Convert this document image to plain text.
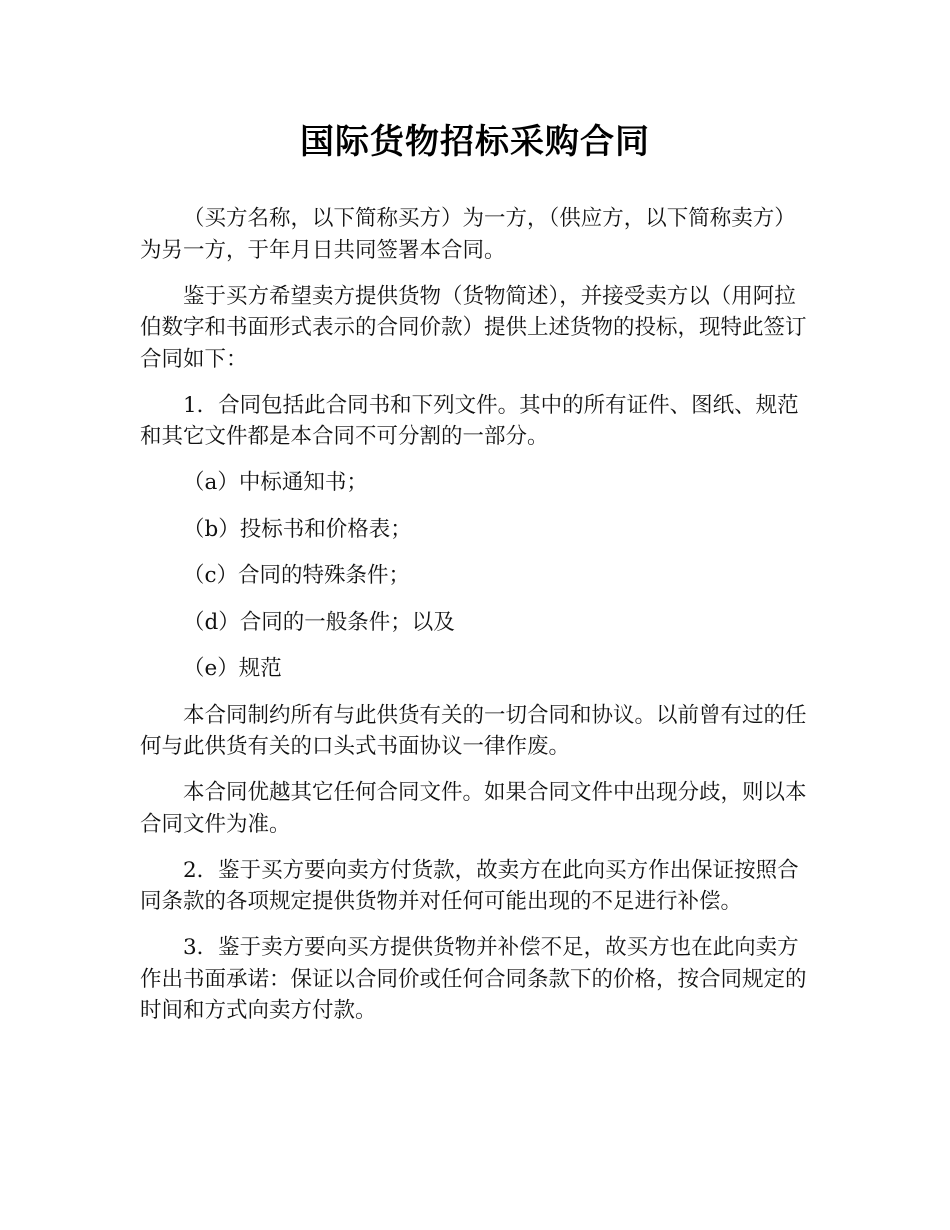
国际货物招标采购合同

（买方名称，以下简称买方）为一方，（供应方，以下简称卖方）为另一方，于年月日共同签署本合同。

鉴于买方希望卖方提供货物（货物简述），并接受卖方以（用阿拉伯数字和书面形式表示的合同价款）提供上述货物的投标，现特此签订合同如下：

1．合同包括此合同书和下列文件。其中的所有证件、图纸、规范和其它文件都是本合同不可分割的一部分。

（a）中标通知书；

（b）投标书和价格表；

（c）合同的特殊条件；

（d）合同的一般条件；以及

（e）规范

本合同制约所有与此供货有关的一切合同和协议。以前曾有过的任何与此供货有关的口头式书面协议一律作废。

本合同优越其它任何合同文件。如果合同文件中出现分歧，则以本合同文件为准。

2．鉴于买方要向卖方付货款，故卖方在此向买方作出保证按照合同条款的各项规定提供货物并对任何可能出现的不足进行补偿。

3．鉴于卖方要向买方提供货物并补偿不足，故买方也在此向卖方作出书面承诺：保证以合同价或任何合同条款下的价格，按合同规定的时间和方式向卖方付款。
